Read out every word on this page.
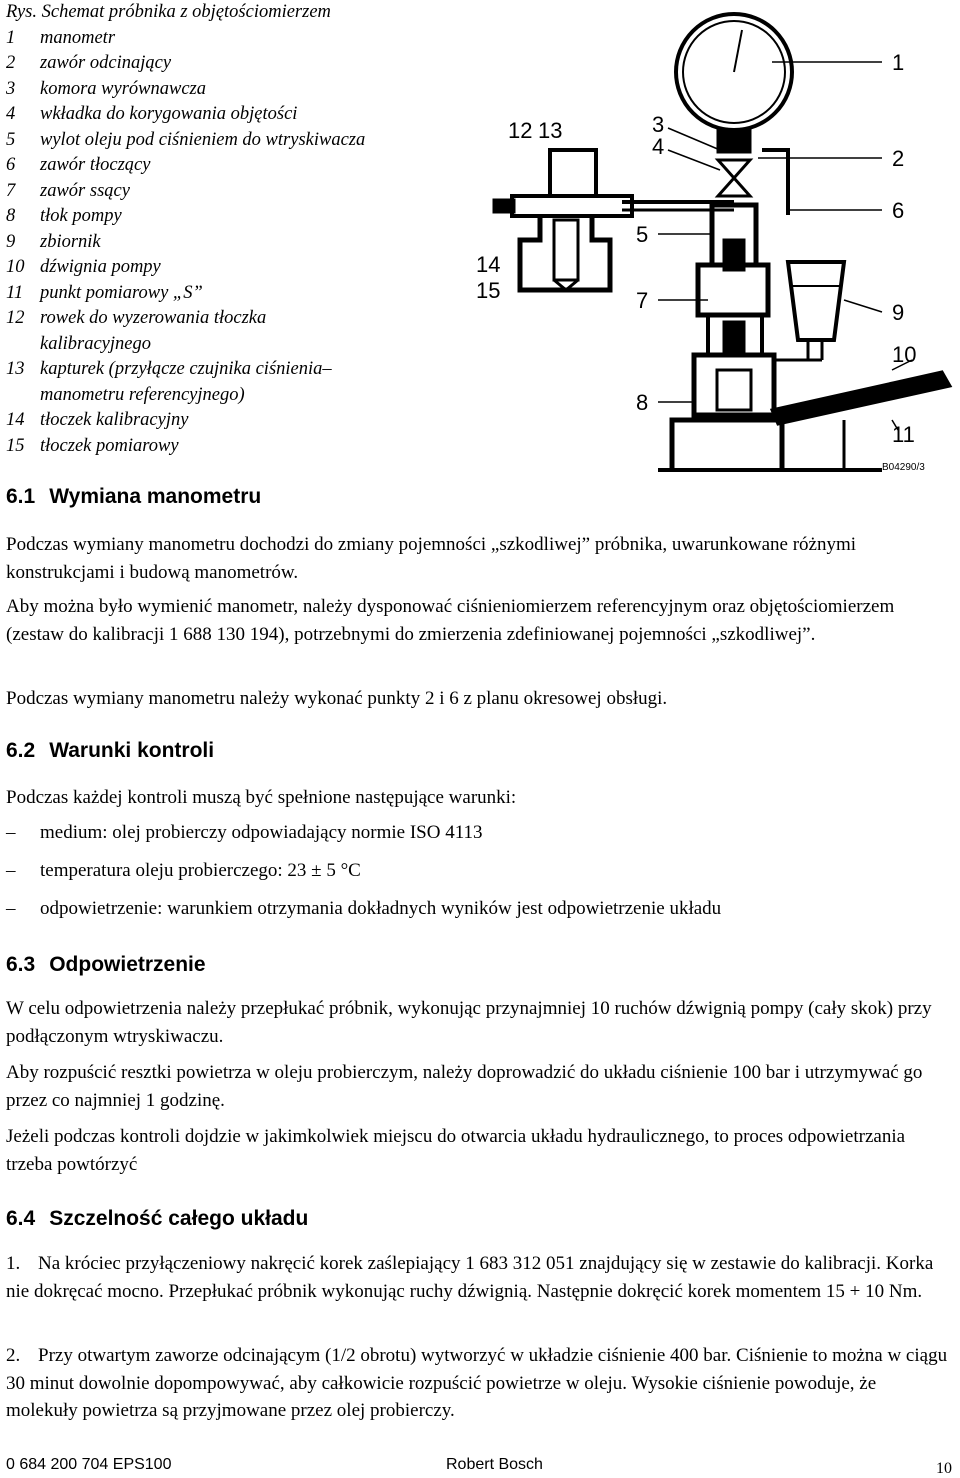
Rys. Schemat próbnika z objętościomierzem
1	manometr
2	zawór odcinający
3	komora wyrównawcza
4	wkładka do korygowania objętości
5	wylot oleju pod ciśnieniem do wtryskiwacza
6	zawór tłoczący
7	zawór ssący
8	tłok pompy
9	zbiornik
10 dźwignia pompy
11 punkt pomiarowy „S”
12 rowek do wyzerowania tłoczka
kalibracyjnego
13 kapturek (przyłącze czujnika ciśnienia–
manometru referencyjnego)
14 tłoczek kalibracyjny
15 tłoczek pomiarowy
12 13
14
15
3
4
5
7
8
1
2
6
9
10
11
B04290/3
6.1 Wymiana manometru
Podczas wymiany manometru dochodzi do zmiany pojemności „szkodliwej” próbnika, uwarunkowane różnymi konstrukcjami i budową manometrów.
Aby można było wymienić manometr, należy dysponować ciśnieniomierzem referencyjnym oraz objętościomierzem (zestaw do kalibracji 1 688 130 194), potrzebnymi do zmierzenia zdefiniowanej pojemności „szkodliwej”.
Podczas wymiany manometru należy wykonać punkty 2 i 6 z planu okresowej obsługi.
6.2 Warunki kontroli
Podczas każdej kontroli muszą być spełnione następujące warunki:
–	medium: olej probierczy odpowiadający normie ISO 4113
–	temperatura oleju probierczego: 23 ± 5 °C
–	odpowietrzenie: warunkiem otrzymania dokładnych wyników jest odpowietrzenie układu
6.3 Odpowietrzenie
W celu odpowietrzenia należy przepłukać próbnik, wykonując przynajmniej 10 ruchów dźwignią pompy (cały skok) przy podłączonym wtryskiwaczu.
Aby rozpuścić resztki powietrza w oleju probierczym, należy doprowadzić do układu ciśnienie 100 bar i utrzymywać go przez co najmniej 1 godzinę.
Jeżeli podczas kontroli dojdzie w jakimkolwiek miejscu do otwarcia układu hydraulicznego, to proces odpowietrzania trzeba powtórzyć
6.4 Szczelność całego układu
1. Na króciec przyłączeniowy nakręcić korek zaślepiający 1 683 312 051 znajdujący się w zestawie do kalibracji. Korka nie dokręcać mocno. Przepłukać próbnik wykonując ruchy dźwignią. Następnie dokręcić korek momentem 15 + 10 Nm.
2. Przy otwartym zaworze odcinającym (1/2 obrotu) wytworzyć w układzie ciśnienie 400 bar. Ciśnienie to można w ciągu 30 minut dowolnie dopompowywać, aby całkowicie rozpuścić powietrze w oleju. Wysokie ciśnienie powoduje, że molekuły powietrza są przyjmowane przez olej probierczy.
0 684 200 704 EPS100	Robert Bosch	10
